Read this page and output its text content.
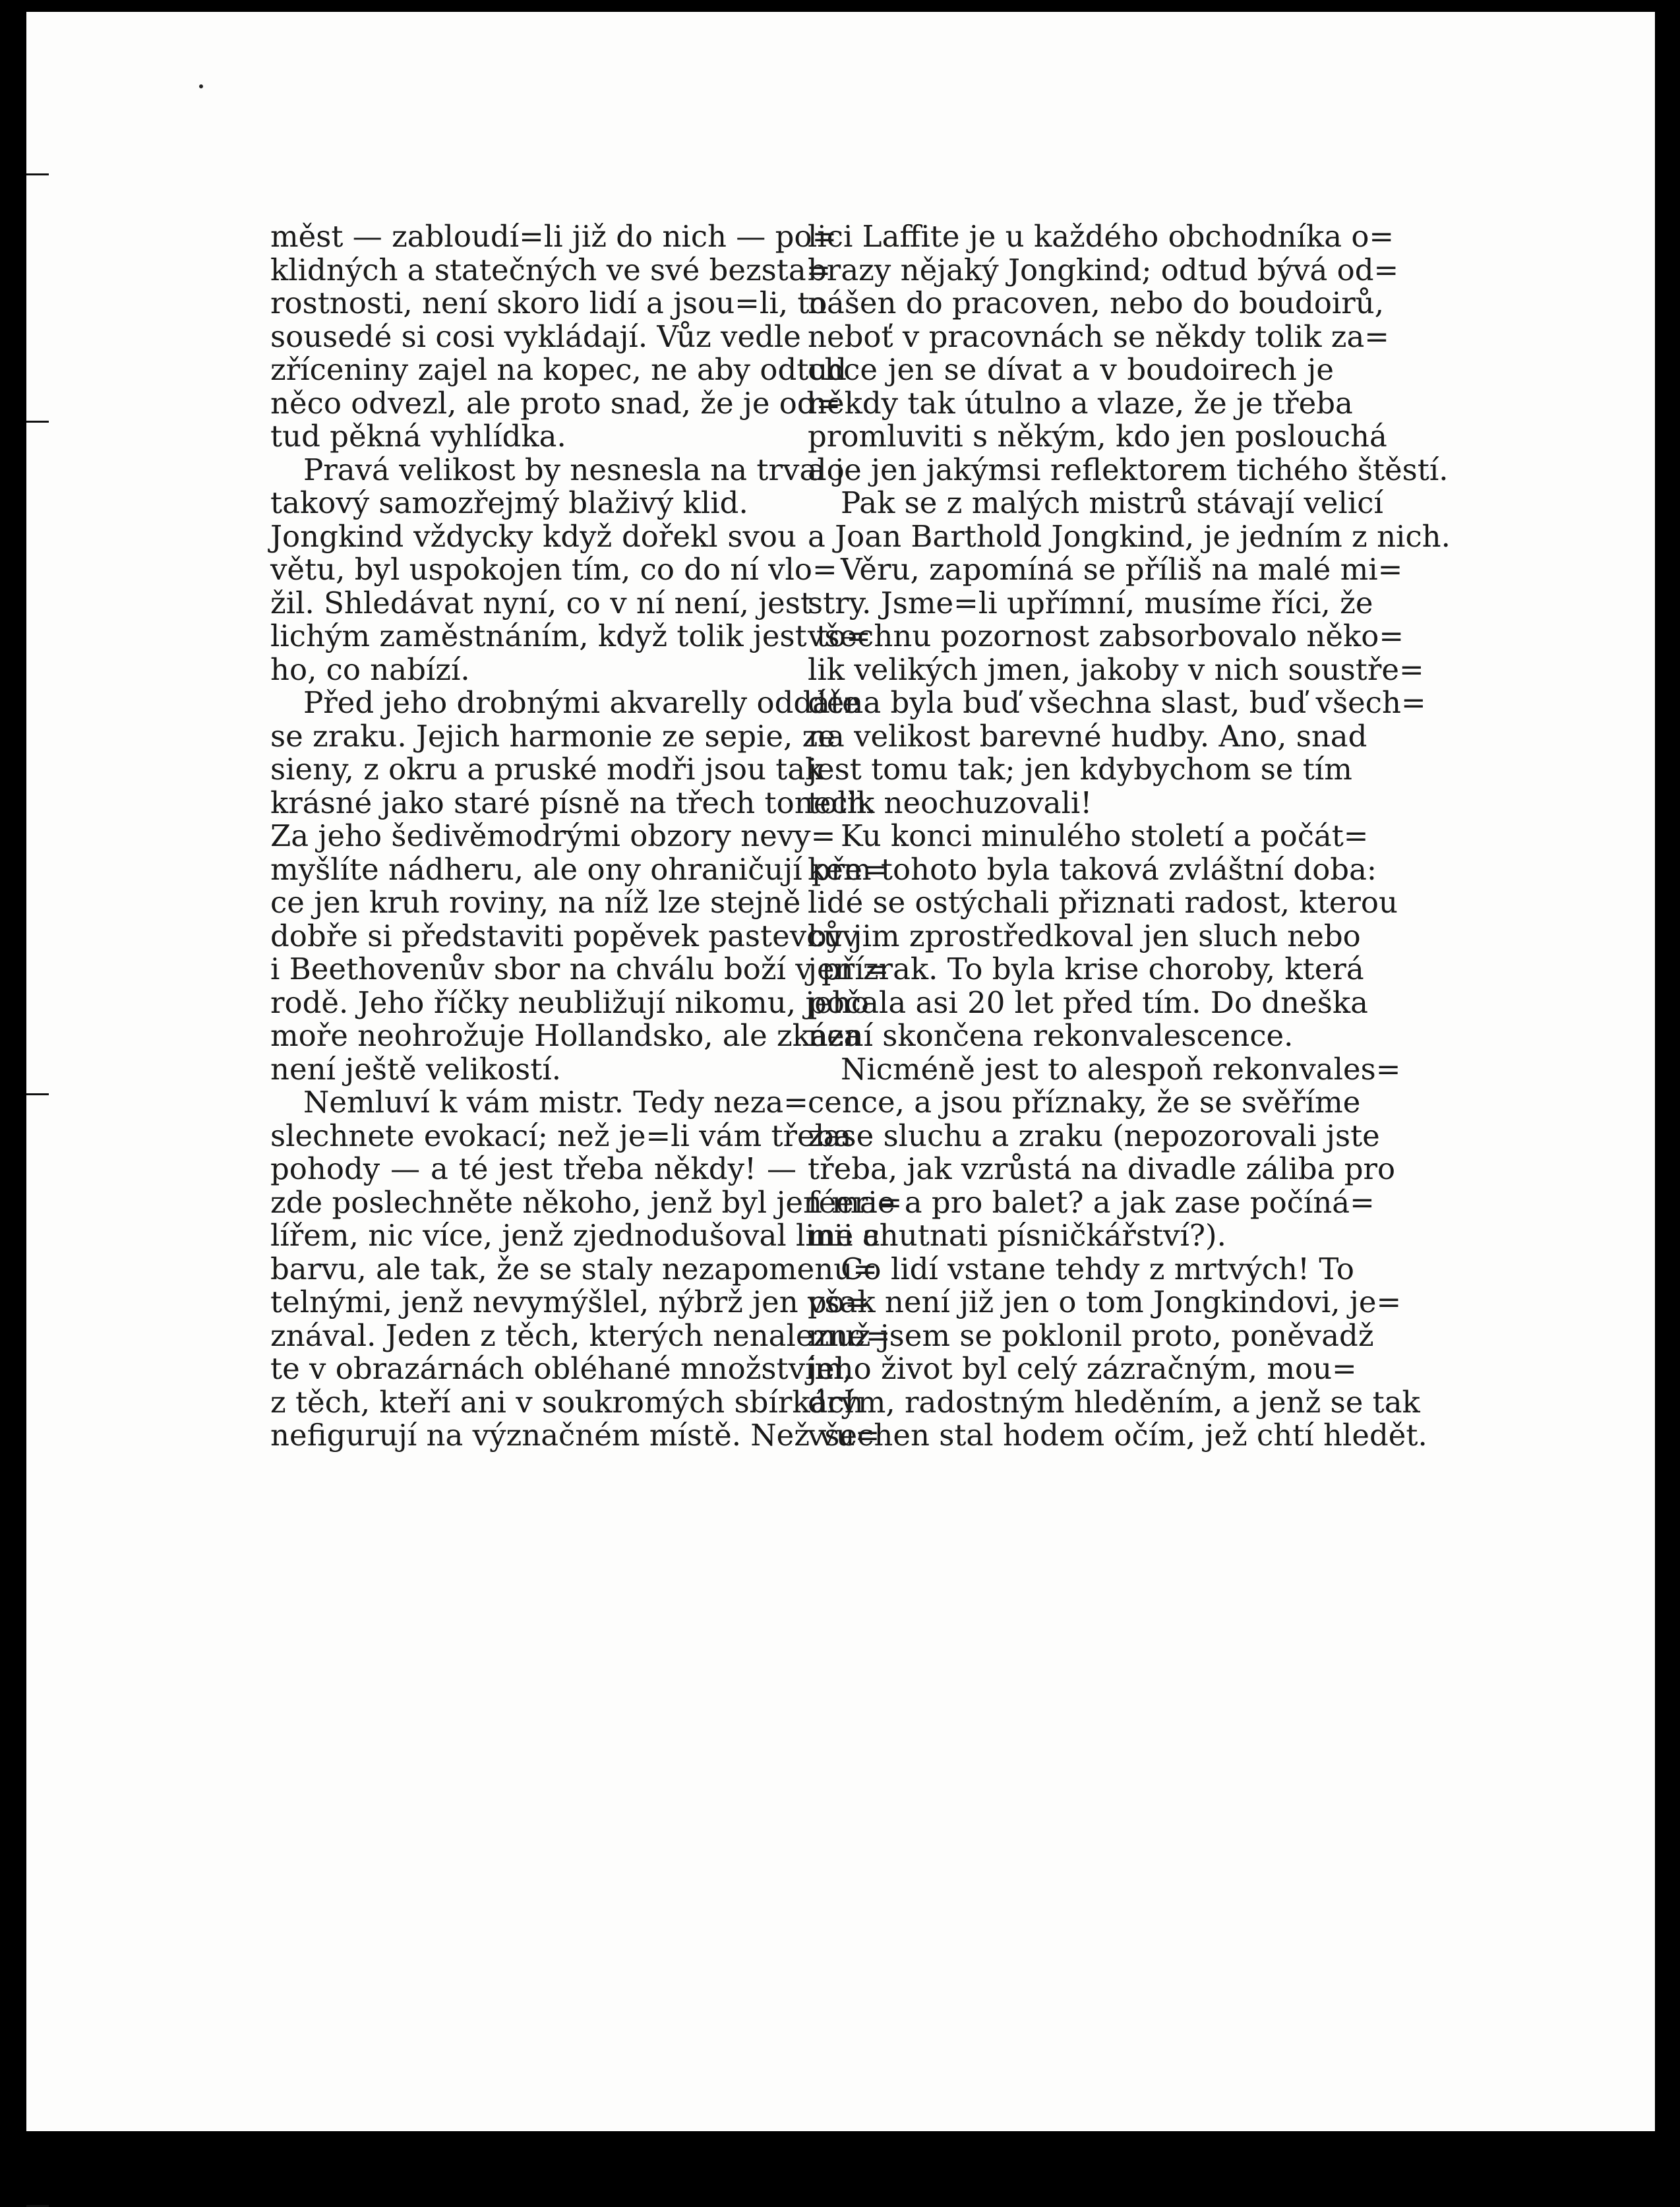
měst — zabloudí=li již do nich — po=
klidných a statečných ve své bezsta=
rostnosti, není skoro lidí a jsou=li, to
sousedé si cosi vykládají. Vůz vedle
zříceniny zajel na kopec, ne aby odtud
něco odvezl, ale proto snad, že je od=
tud pěkná vyhlídka.
Pravá velikost by nesnesla na trvalo
takový samozřejmý blaživý klid.
Jongkind vždycky když dořekl svou
větu, byl uspokojen tím, co do ní vlo=
žil. Shledávat nyní, co v ní není, jest
lichým zaměstnáním, když tolik jest to=
ho, co nabízí.
Před jeho drobnými akvarelly oddáte
se zraku. Jejich harmonie ze sepie, ze
sieny, z okru a pruské modři jsou tak
krásné jako staré písně na třech tonech.
Za jeho šedivěmodrými obzory nevy=
myšlíte nádheru, ale ony ohraničují pře=
ce jen kruh roviny, na níž lze stejně
dobře si představiti popěvek pastevcův
i Beethovenův sbor na chválu boží v pří=
rodě. Jeho říčky neubližují nikomu, jeho
moře neohrožuje Hollandsko, ale zkáza
není ještě velikostí.
Nemluví k vám mistr. Tedy neza=
slechnete evokací; než je=li vám třeba
pohody — a té jest třeba někdy! —
zde poslechněte někoho, jenž byl jen ma=
lířem, nic více, jenž zjednodušoval linii a
barvu, ale tak, že se staly nezapomenu=
telnými, jenž nevymýšlel, nýbrž jen po=
znával. Jeden z těch, kterých nenalezne=
te v obrazárnách obléhané množstvím,
z těch, kteří ani v soukromých sbírkách
nefigurují na význačném místě. Než vu=
lici Laffite je u každého obchodníka o=
brazy nějaký Jongkind; odtud bývá od=
nášen do pracoven, nebo do boudoirů,
neboť v pracovnách se někdy tolik za=
chce jen se dívat a v boudoirech je
někdy tak útulno a vlaze, že je třeba
promluviti s někým, kdo jen poslouchá
a je jen jakýmsi reflektorem tichého štěstí.
Pak se z malých mistrů stávají velicí
a Joan Barthold Jongkind, je jedním z nich.
Věru, zapomíná se příliš na malé mi=
stry. Jsme=li upřímní, musíme říci, že
všechnu pozornost zabsorbovalo něko=
lik velikých jmen, jakoby v nich soustře=
děna byla buď všechna slast, buď všech=
na velikost barevné hudby. Ano, snad
jest tomu tak; jen kdybychom se tím
tolik neochuzovali!
Ku konci minulého století a počát=
kem tohoto byla taková zvláštní doba:
lidé se ostýchali přiznati radost, kterou
by jim zprostředkoval jen sluch nebo
jen zrak. To byla krise choroby, která
počala asi 20 let před tím. Do dneška
není skončena rekonvalescence.
Nicméně jest to alespoň rekonvales=
cence, a jsou příznaky, že se svěříme
zase sluchu a zraku (nepozorovali jste
třeba, jak vzrůstá na divadle záliba pro
féerie a pro balet? a jak zase počíná=
me chutnati písničkářství?).
Co lidí vstane tehdy z mrtvých! To
však není již jen o tom Jongkindovi, je=
muž jsem se poklonil proto, poněvadž
jeho život byl celý zázračným, mou=
drým, radostným hleděním, a jenž se tak
všechen stal hodem očím, jež chtí hledět.
